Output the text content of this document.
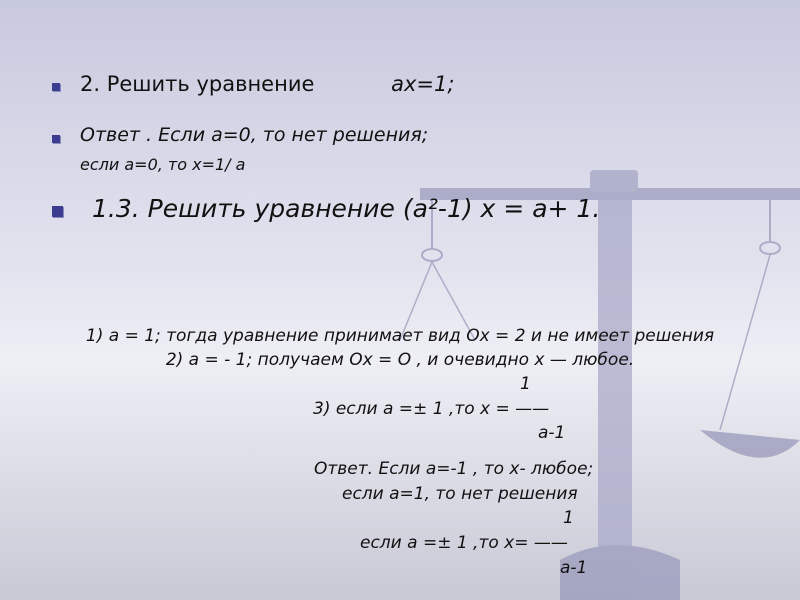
2. Решить уравнение	ax=1;
Ответ . Если a=0, то нет решения;
если а=0, то х=1/ а
1.3. Решить уравнение (а²-1) х = а+ 1.
1) а = 1; тогда уравнение принимает вид Ох = 2 и не имеет решения
2) а = - 1; получаем Ох = О , и очевидно х — любое.
1
3) если а =± 1 ,то х = ——
а-1
Ответ. Если а=-1 , то х- любое;
если а=1, то нет решения
1
если а =± 1 ,то х= ——
а-1
